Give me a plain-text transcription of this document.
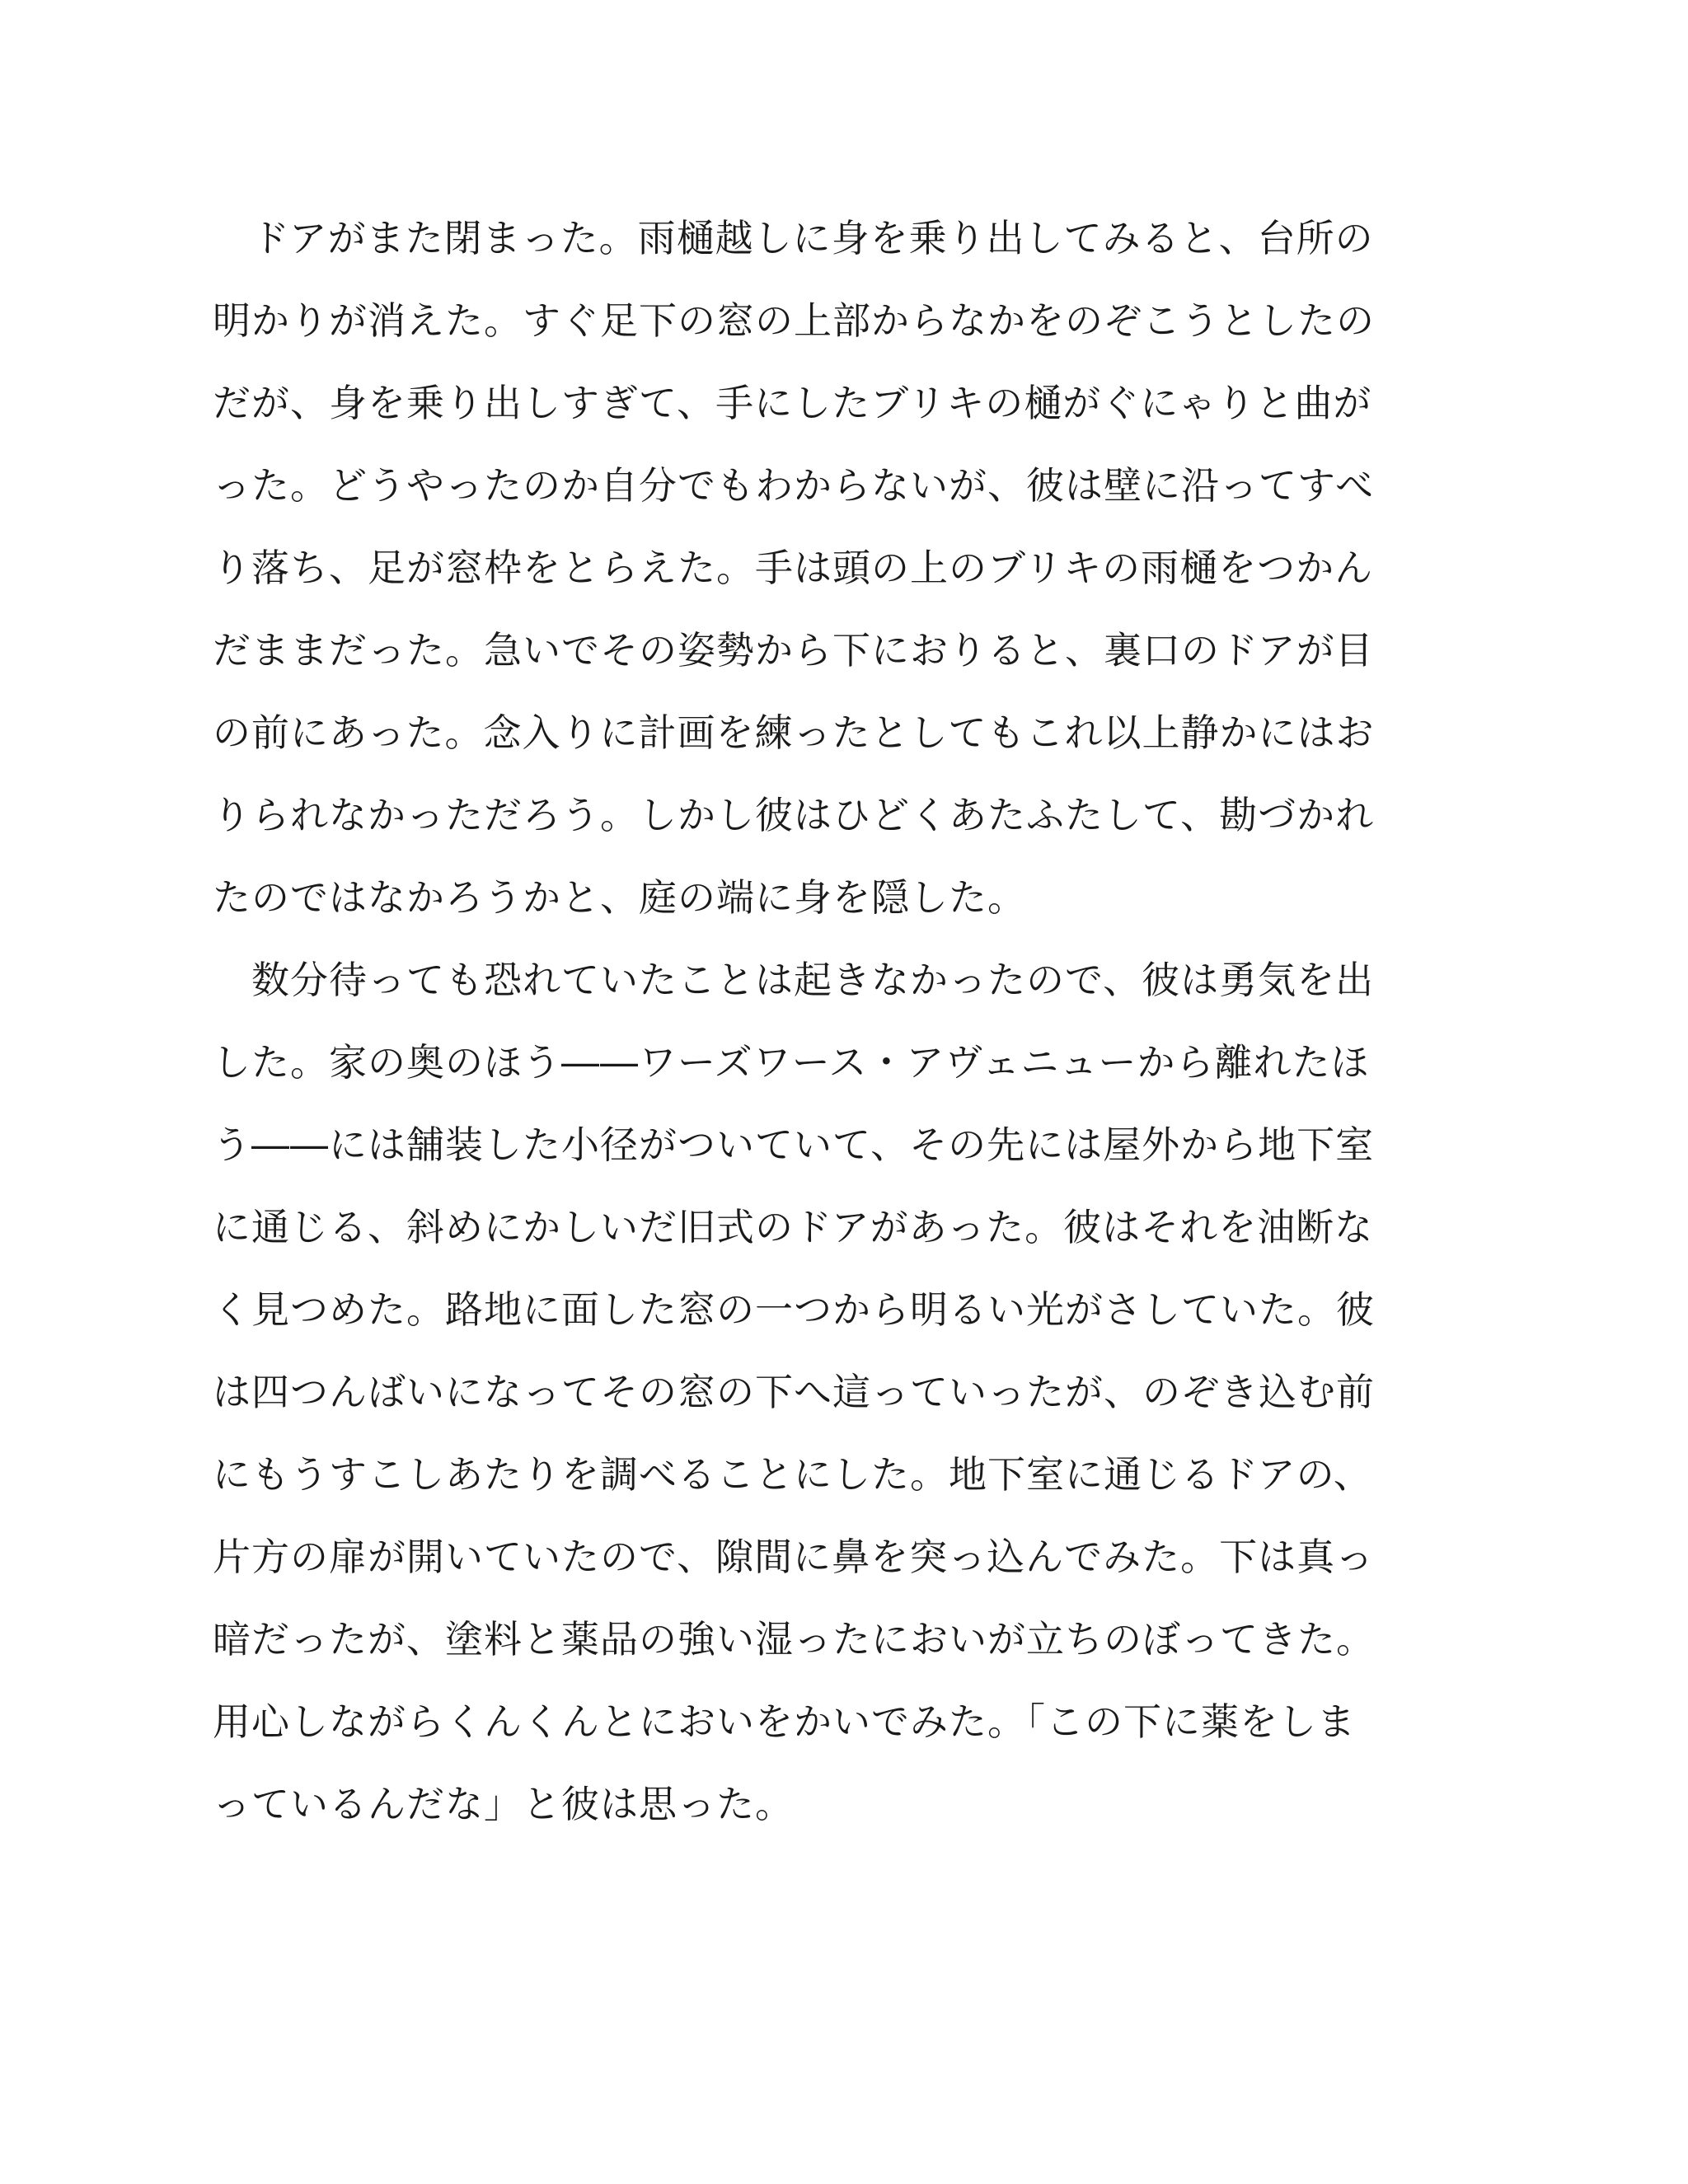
　ドアがまた閉まった。雨樋越しに身を乗り出してみると、台所の
明かりが消えた。すぐ足下の窓の上部からなかをのぞこうとしたの
だが、身を乗り出しすぎて、手にしたブリキの樋がぐにゃりと曲が
った。どうやったのか自分でもわからないが、彼は壁に沿ってすべ
り落ち、足が窓枠をとらえた。手は頭の上のブリキの雨樋をつかん
だままだった。急いでその姿勢から下におりると、裏口のドアが目
の前にあった。念入りに計画を練ったとしてもこれ以上静かにはお
りられなかっただろう。しかし彼はひどくあたふたして、勘づかれ
たのではなかろうかと、庭の端に身を隠した。
　数分待っても恐れていたことは起きなかったので、彼は勇気を出
した。家の奥のほう――ワーズワース・アヴェニューから離れたほ
う――には舗装した小径がついていて、その先には屋外から地下室
に通じる、斜めにかしいだ旧式のドアがあった。彼はそれを油断な
く見つめた。路地に面した窓の一つから明るい光がさしていた。彼
は四つんばいになってその窓の下へ這っていったが、のぞき込む前
にもうすこしあたりを調べることにした。地下室に通じるドアの、
片方の扉が開いていたので、隙間に鼻を突っ込んでみた。下は真っ
暗だったが、塗料と薬品の強い湿ったにおいが立ちのぼってきた。
用心しながらくんくんとにおいをかいでみた。「この下に薬をしま
っているんだな」と彼は思った。
